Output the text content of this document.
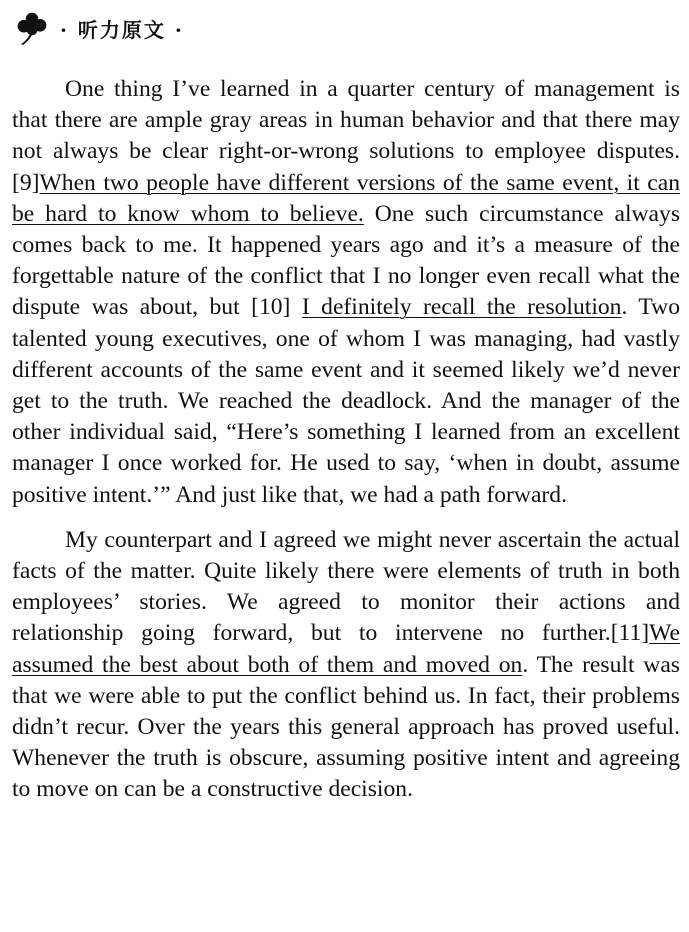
· 听力原文 ·

One thing I’ve learned in a quarter century of management is that there are ample gray areas in human behavior and that there may not always be clear right-or-wrong solutions to employee disputes. [9]When two people have different versions of the same event, it can be hard to know whom to believe. One such circumstance always comes back to me. It happened years ago and it’s a measure of the forgettable nature of the conflict that I no longer even recall what the dispute was about, but [10] I definitely recall the resolution. Two talented young executives, one of whom I was managing, had vastly different accounts of the same event and it seemed likely we’d never get to the truth. We reached the deadlock. And the manager of the other individual said, “Here’s something I learned from an excellent manager I once worked for. He used to say, ‘when in doubt, assume positive intent.’” And just like that, we had a path forward.

My counterpart and I agreed we might never ascertain the actual facts of the matter. Quite likely there were elements of truth in both employees’ stories. We agreed to monitor their actions and relationship going forward, but to intervene no further.[11]We assumed the best about both of them and moved on. The result was that we were able to put the conflict behind us. In fact, their problems didn’t recur. Over the years this general approach has proved useful. Whenever the truth is obscure, assuming positive intent and agreeing to move on can be a constructive decision.
